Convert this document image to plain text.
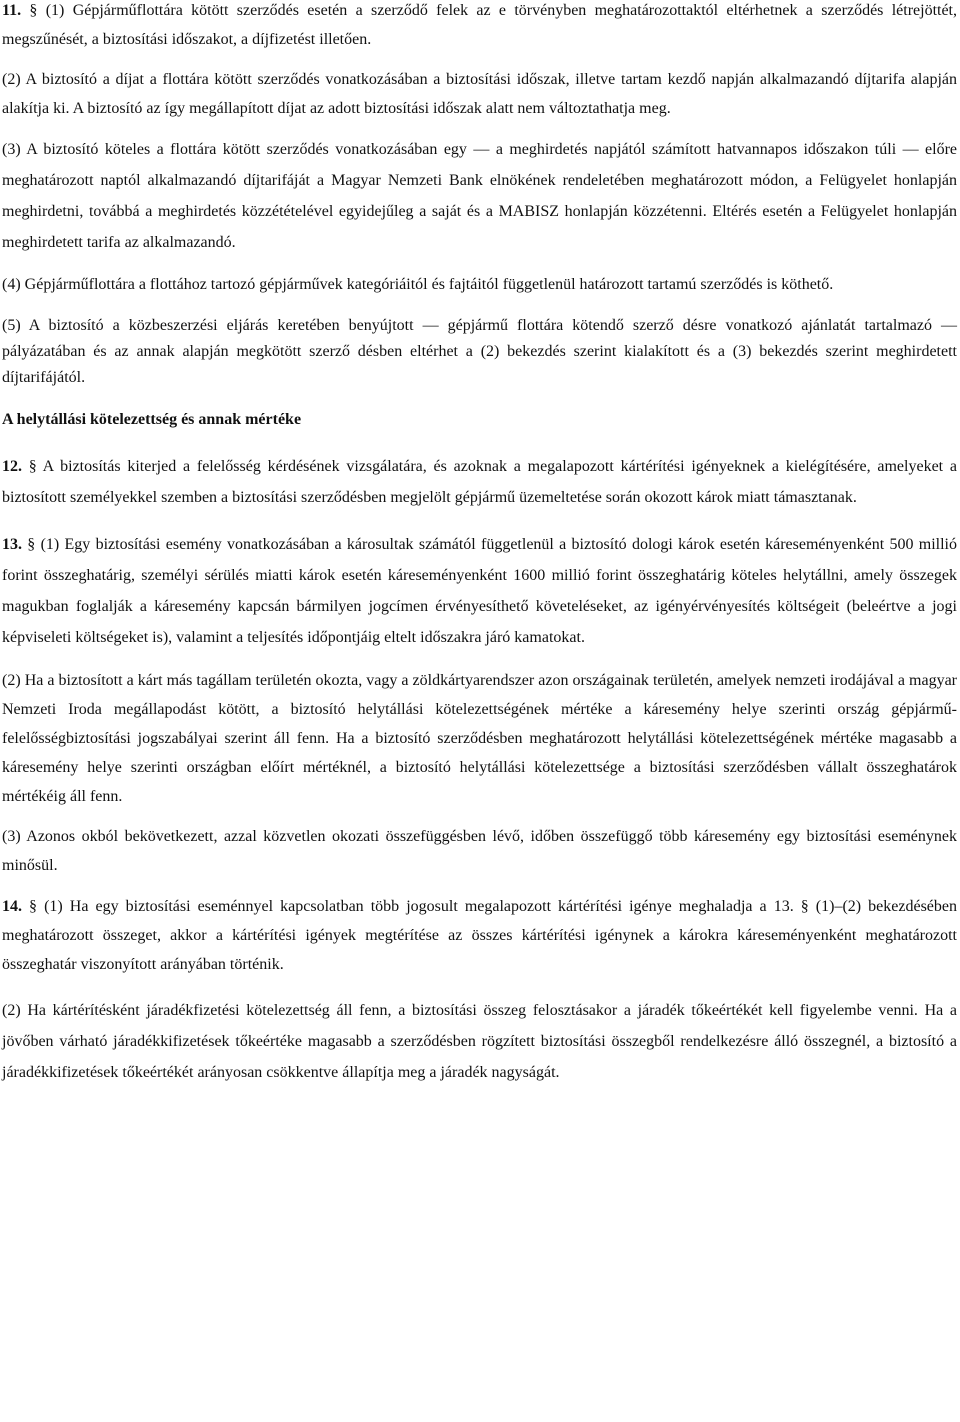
11. § (1) Gépjárműflottára kötött szerződés esetén a szerződő felek az e törvényben meghatározottaktól eltérhetnek a szerződés létrejöttét, megszűnését, a biztosítási időszakot, a díjfizetést illetően.

(2) A biztosító a díjat a flottára kötött szerződés vonatkozásában a biztosítási időszak, illetve tartam kezdő napján alkalmazandó díjtarifa alapján alakítja ki. A biztosító az így megállapított díjat az adott biztosítási időszak alatt nem változtathatja meg.

(3) A biztosító köteles a flottára kötött szerződés vonatkozásában egy — a meghirdetés napjától számított hatvannapos időszakon túli — előre meghatározott naptól alkalmazandó díjtarifáját a Magyar Nemzeti Bank elnökének rendeletében meghatározott módon, a Felügyelet honlapján meghirdetni, továbbá a meghirdetés közzétételével egyidejűleg a saját és a MABISZ honlapján közzétenni. Eltérés esetén a Felügyelet honlapján meghirdetett tarifa az alkalmazandó.

(4) Gépjárműflottára a flottához tartozó gépjárművek kategóriáitól és fajtáitól függetlenül határozott tartamú szerződés is köthető.

(5) A biztosító a közbeszerzési eljárás keretében benyújtott — gépjármű flottára kötendő szerző désre vonatkozó ajánlatát tartalmazó — pályázatában és az annak alapján megkötött szerző désben eltérhet a (2) bekezdés szerint kialakított és a (3) bekezdés szerint meghirdetett díjtarifájától.

A helytállási kötelezettség és annak mértéke

12. § A biztosítás kiterjed a felelősség kérdésének vizsgálatára, és azoknak a megalapozott kártérítési igényeknek a kielégítésére, amelyeket a biztosított személyekkel szemben a biztosítási szerződésben megjelölt gépjármű üzemeltetése során okozott károk miatt támasztanak.

13. § (1) Egy biztosítási esemény vonatkozásában a károsultak számától függetlenül a biztosító dologi károk esetén káreseményenként 500 millió forint összeghatárig, személyi sérülés miatti károk esetén káreseményenként 1600 millió forint összeghatárig köteles helytállni, amely összegek magukban foglalják a káresemény kapcsán bármilyen jogcímen érvényesíthető követeléseket, az igényérvényesítés költségeit (beleértve a jogi képviseleti költségeket is), valamint a teljesítés időpontjáig eltelt időszakra járó kamatokat.

(2) Ha a biztosított a kárt más tagállam területén okozta, vagy a zöldkártyarendszer azon országainak területén, amelyek nemzeti irodájával a magyar Nemzeti Iroda megállapodást kötött, a biztosító helytállási kötelezettségének mértéke a káresemény helye szerinti ország gépjármű-felelősségbiztosítási jogszabályai szerint áll fenn. Ha a biztosító szerződésben meghatározott helytállási kötelezettségének mértéke magasabb a káresemény helye szerinti országban előírt mértéknél, a biztosító helytállási kötelezettsége a biztosítási szerződésben vállalt összeghatárok mértékéig áll fenn.

(3) Azonos okból bekövetkezett, azzal közvetlen okozati összefüggésben lévő, időben összefüggő több káresemény egy biztosítási eseménynek minősül.

14. § (1) Ha egy biztosítási eseménnyel kapcsolatban több jogosult megalapozott kártérítési igénye meghaladja a 13. § (1)–(2) bekezdésében meghatározott összeget, akkor a kártérítési igények megtérítése az összes kártérítési igénynek a károkra káreseményenként meghatározott összeghatár viszonyított arányában történik.

(2) Ha kártérítésként járadékfizetési kötelezettség áll fenn, a biztosítási összeg felosztásakor a járadék tőkeértékét kell figyelembe venni. Ha a jövőben várható járadékkifizetések tőkeértéke magasabb a szerződésben rögzített biztosítási összegből rendelkezésre álló összegnél, a biztosító a járadékkifizetések tőkeértékét arányosan csökkentve állapítja meg a járadék nagyságát.
